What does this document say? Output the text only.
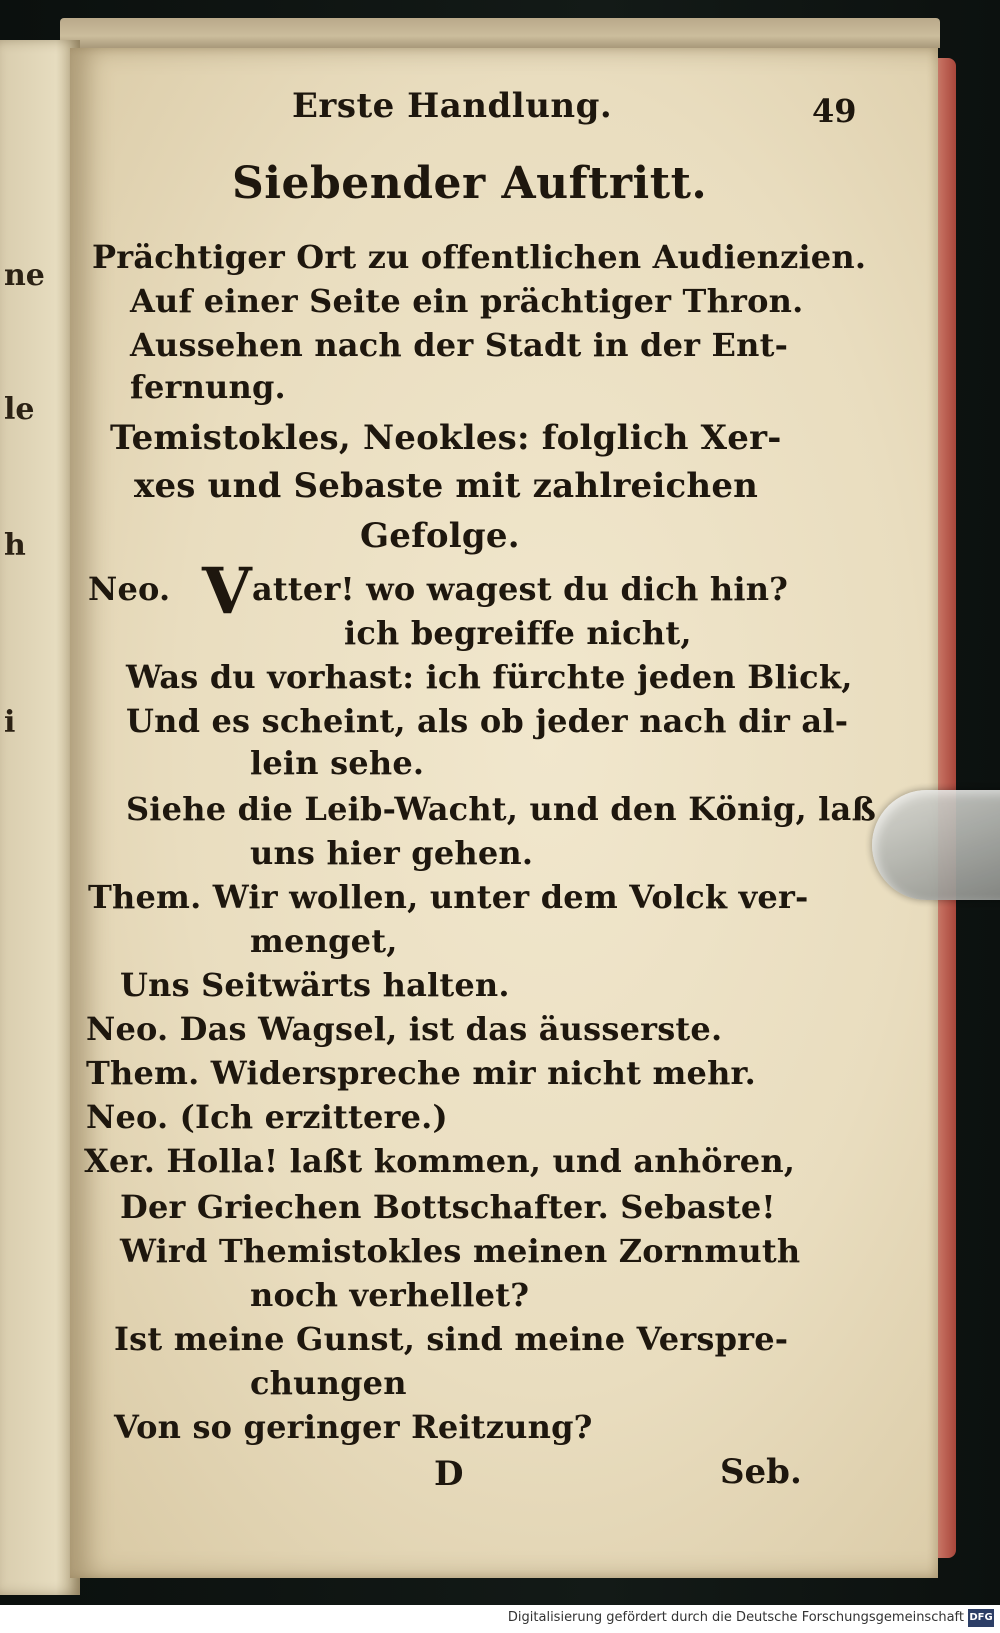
ne
le
h
i
Erste Handlung.	49
Siebender Auftritt.
Prächtiger Ort zu offentlichen Audienzien.
Auf einer Seite ein prächtiger Thron.
Aussehen nach der Stadt in der Ent-
fernung.
Temistokles, Neokles: folglich Xer-
xes und Sebaste mit zahlreichen
Gefolge.
Neo. V atter! wo wagest du dich hin?
ich begreiffe nicht,
Was du vorhast: ich fürchte jeden Blick,
Und es scheint, als ob jeder nach dir al-
lein sehe.
Siehe die Leib-Wacht, und den König, laß
uns hier gehen.
Them. Wir wollen, unter dem Volck ver-
menget,
Uns Seitwärts halten.
Neo. Das Wagsel, ist das äusserste.
Them. Widerspreche mir nicht mehr.
Neo. (Ich erzittere.)
Xer. Holla! laßt kommen, und anhören,
Der Griechen Bottschafter. Sebaste!
Wird Themistokles meinen Zornmuth
noch verhellet?
Ist meine Gunst, sind meine Verspre-
chungen
Von so geringer Reitzung?
D	Seb.
Digitalisierung gefördert durch die Deutsche Forschungsgemeinschaft DFG
